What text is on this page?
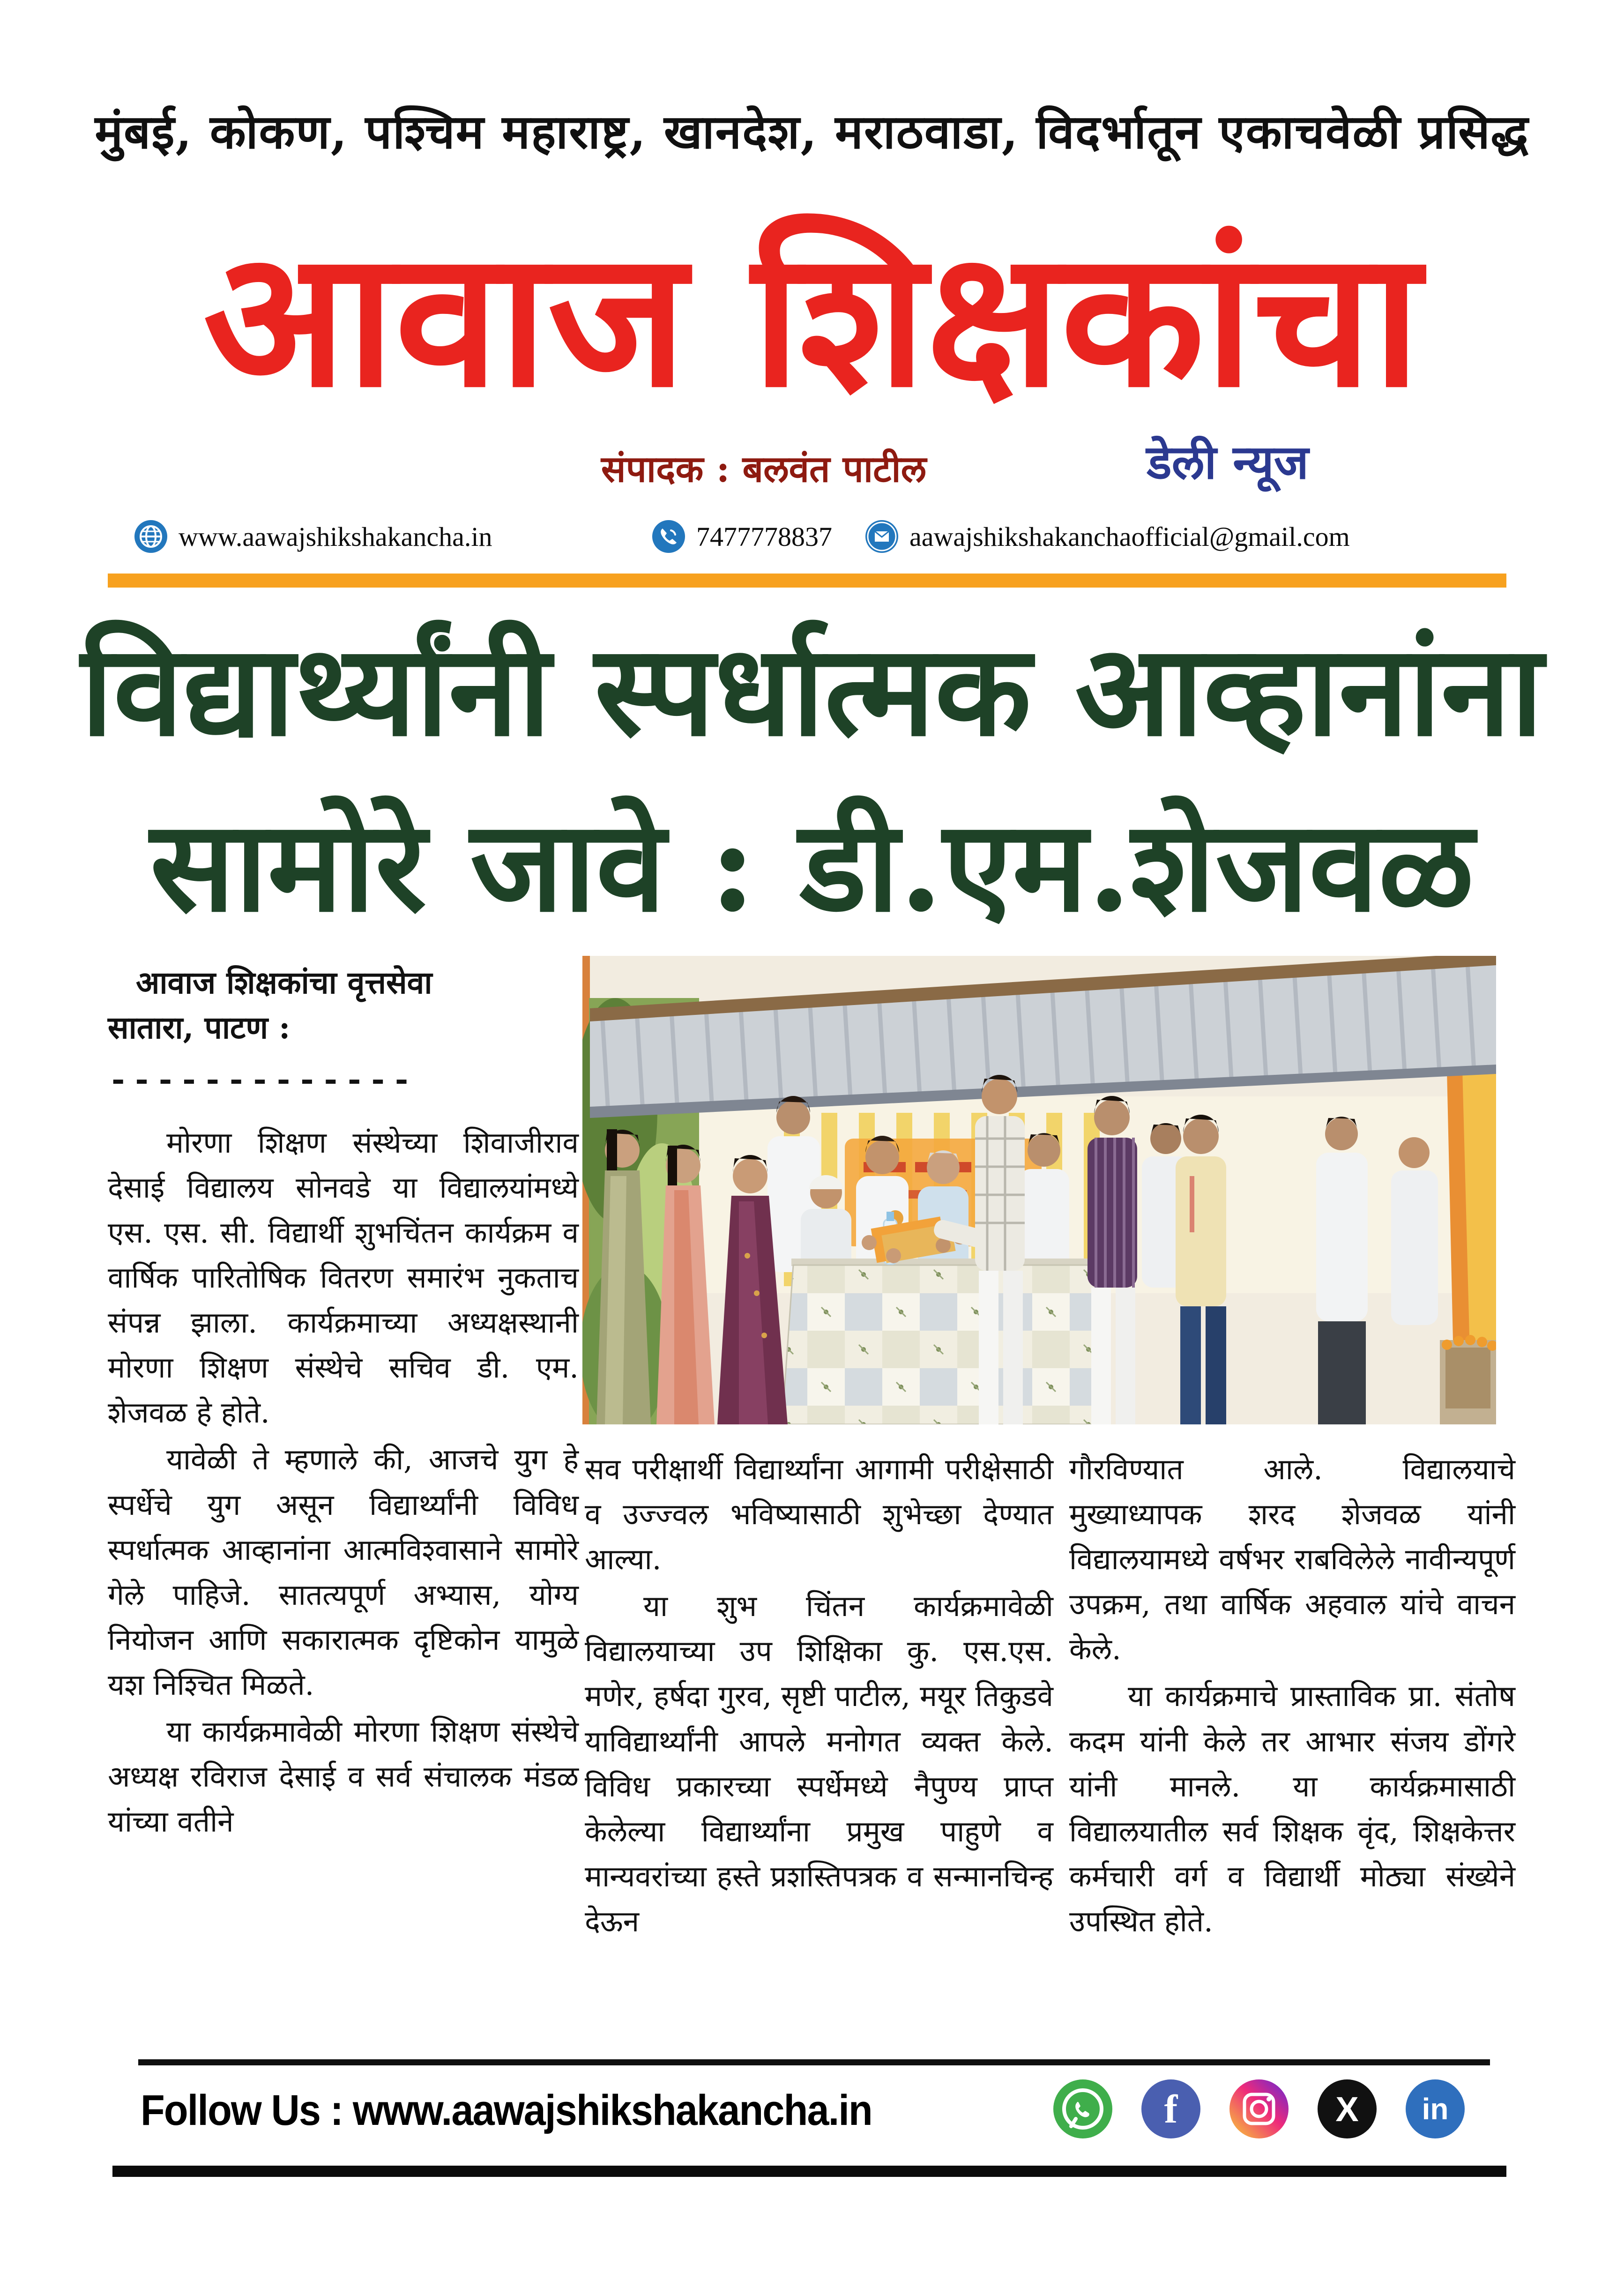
मुंबई, कोकण, पश्चिम महाराष्ट्र, खानदेश, मराठवाडा, विदर्भातून एकाचवेळी प्रसिद्ध
आवाज शिक्षकांचा
संपादक : बलवंत पाटील	डेली न्यूज
www.aawajshikshakancha.in	7477778837	aawajshikshakanchaofficial@gmail.com
विद्यार्थ्यांनी स्पर्धात्मक आव्हानांना
सामोरे जावे : डी.एम.शेजवळ
आवाज शिक्षकांचा वृत्तसेवा
सातारा, पाटण :
-------------

मोरणा शिक्षण संस्थेच्या शिवाजीराव देसाई विद्यालय सोनवडे या विद्यालयांमध्ये एस. एस. सी. विद्यार्थी शुभचिंतन कार्यक्रम व वार्षिक पारितोषिक वितरण समारंभ नुकताच संपन्न झाला. कार्यक्रमाच्या अध्यक्षस्थानी मोरणा शिक्षण संस्थेचे सचिव डी. एम. शेजवळ हे होते.

यावेळी ते म्हणाले की, आजचे युग हे स्पर्धेचे युग असून विद्यार्थ्यांनी विविध स्पर्धात्मक आव्हानांना आत्मविश्वासाने सामोरे गेले पाहिजे. सातत्यपूर्ण अभ्यास, योग्य नियोजन आणि सकारात्मक दृष्टिकोन यामुळे यश निश्चित मिळते.

या कार्यक्रमावेळी मोरणा शिक्षण संस्थेचे अध्यक्ष रविराज देसाई व सर्व संचालक मंडळ यांच्या वतीने

सव परीक्षार्थी विद्यार्थ्यांना आगामी परीक्षेसाठी व उज्ज्वल भविष्यासाठी शुभेच्छा देण्यात आल्या.

या शुभ चिंतन कार्यक्रमावेळी विद्यालयाच्या उप शिक्षिका कु. एस.एस. मणेर, हर्षदा गुरव, सृष्टी पाटील, मयूर तिकुडवे याविद्यार्थ्यांनी आपले मनोगत व्यक्त केले. विविध प्रकारच्या स्पर्धेमध्ये नैपुण्य प्राप्त केलेल्या विद्यार्थ्यांना प्रमुख पाहुणे व मान्यवरांच्या हस्ते प्रशस्तिपत्रक व सन्मानचिन्ह देऊन

गौरविण्यात आले. विद्यालयाचे मुख्याध्यापक शरद शेजवळ यांनी विद्यालयामध्ये वर्षभर राबविलेले नावीन्यपूर्ण उपक्रम, तथा वार्षिक अहवाल यांचे वाचन केले.

या कार्यक्रमाचे प्रास्ताविक प्रा. संतोष कदम यांनी केले तर आभार संजय डोंगरे यांनी मानले. या कार्यक्रमासाठी विद्यालयातील सर्व शिक्षक वृंद, शिक्षकेत्तर कर्मचारी वर्ग व विद्यार्थी मोठ्या संख्येने उपस्थित होते.

Follow Us : www.aawajshikshakancha.in	f	X in
